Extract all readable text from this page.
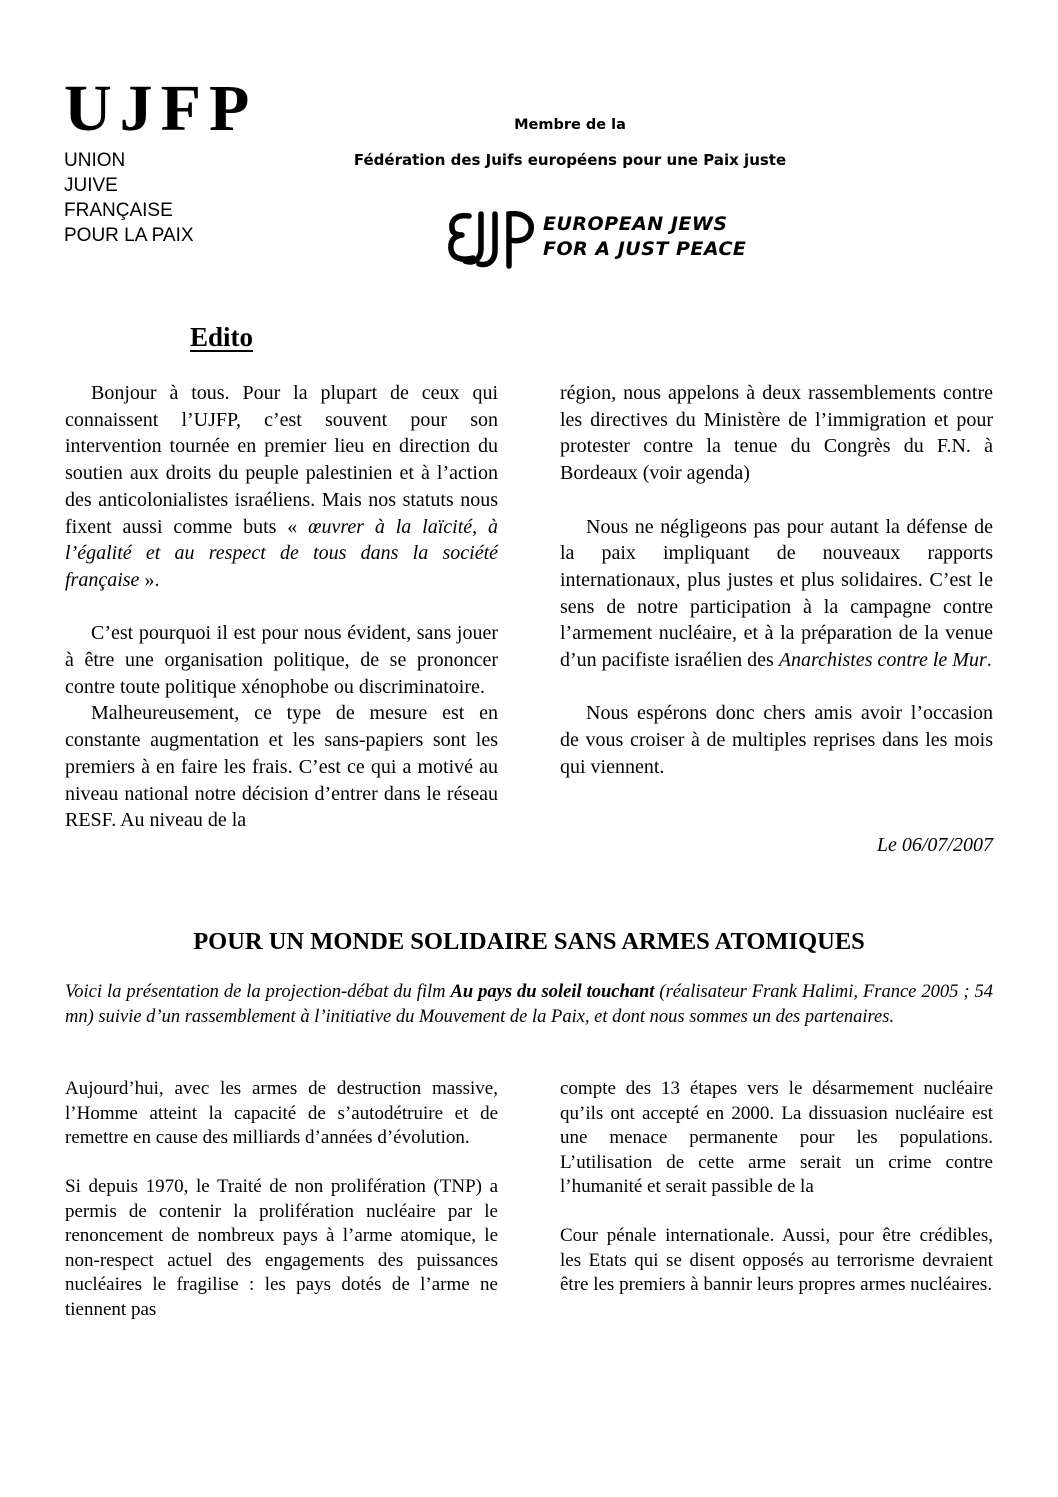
UJFP
UNION
JUIVE
FRANÇAISE
POUR LA PAIX
Membre de la
Fédération des Juifs européens pour une Paix juste
EUROPEAN JEWS
FOR A JUST PEACE
Edito

Bonjour à tous. Pour la plupart de ceux qui connaissent l’UJFP, c’est souvent pour son intervention tournée en premier lieu en direction du soutien aux droits du peuple palestinien et à l’action des anticolonialistes israéliens. Mais nos statuts nous fixent aussi comme buts « œuvrer à la laïcité, à l’égalité et au respect de tous dans la société française ».

C’est pourquoi il est pour nous évident, sans jouer à être une organisation politique, de se prononcer contre toute politique xénophobe ou discriminatoire.

Malheureusement, ce type de mesure est en constante augmentation et les sans-papiers sont les premiers à en faire les frais. C’est ce qui a motivé au niveau national notre décision d’entrer dans le réseau RESF. Au niveau de la

région, nous appelons à deux rassemblements contre les directives du Ministère de l’immigration et pour protester contre la tenue du Congrès du F.N. à Bordeaux (voir agenda)

Nous ne négligeons pas pour autant la défense de la paix impliquant de nouveaux rapports internationaux, plus justes et plus solidaires. C’est le sens de notre participation à la campagne contre l’armement nucléaire, et à la préparation de la venue d’un pacifiste israélien des Anarchistes contre le Mur.

Nous espérons donc chers amis avoir l’occasion de vous croiser à de multiples reprises dans les mois qui viennent.

Le 06/07/2007
POUR UN MONDE SOLIDAIRE SANS ARMES ATOMIQUES
Voici la présentation de la projection-débat du film Au pays du soleil touchant (réalisateur Frank Halimi, France 2005 ; 54 mn) suivie d’un rassemblement à l’initiative du Mouvement de la Paix, et dont nous sommes un des partenaires.

Aujourd’hui, avec les armes de destruction massive, l’Homme atteint la capacité de s’autodétruire et de remettre en cause des milliards d’années d’évolution.

Si depuis 1970, le Traité de non prolifération (TNP) a permis de contenir la prolifération nucléaire par le renoncement de nombreux pays à l’arme atomique, le non-respect actuel des engagements des puissances nucléaires le fragilise : les pays dotés de l’arme ne tiennent pas

compte des 13 étapes vers le désarmement nucléaire qu’ils ont accepté en 2000. La dissuasion nucléaire est une menace permanente pour les populations. L’utilisation de cette arme serait un crime contre l’humanité et serait passible de la

Cour pénale internationale. Aussi, pour être crédibles, les Etats qui se disent opposés au terrorisme devraient être les premiers à bannir leurs propres armes nucléaires.
